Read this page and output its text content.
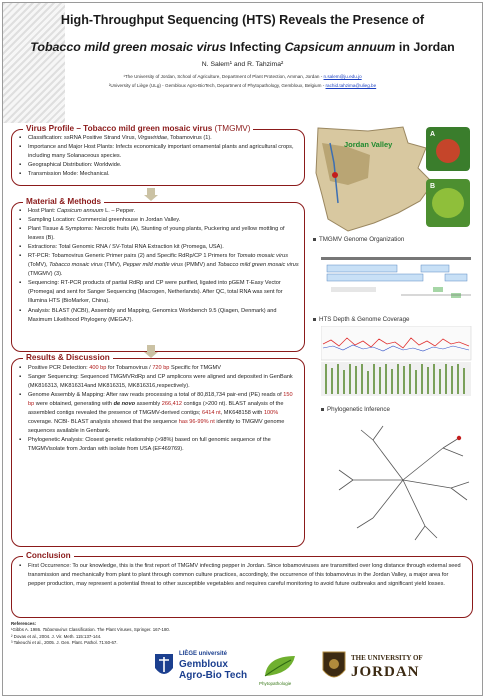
High-Throughput Sequencing (HTS) Reveals the Presence of
Tobacco mild green mosaic virus Infecting Capsicum annuum in Jordan
N. Salem¹ and R. Tahzima²
¹The University of Jordan, School of Agriculture, Department of Plant Protection, Amman, Jordan - n.salem@ju.edu.jo
²University of Liège (ULg) - Gembloux Agro-BioTech, Department of Phytopathology, Gembloux, Belgium - rachid.tahzima@ulieg.be
▪ Classification: ssRNA Positive Strand Virus, Virgaviridae, Tobamovirus (1).
▪ Importance and Major Host Plants: Infects economically important ornamental plants and agricultural crops, including many Solanaceous species.
▪ Geographical Distribution: Worldwide.
▪ Transmission Mode: Mechanical.
Virus Profile – Tobacco mild green mosaic virus (TMGMV)
▪ Host Plant: Capsicum annuum L. – Pepper.
▪ Sampling Location: Commercial greenhouse in Jordan Valley.
▪ Plant Tissue & Symptoms: Necrotic fruits (A), Stunting of young plants, Puckering and yellow mottling of leaves (B).
▪ Extractions: Total Genomic RNA / SV-Total RNA Extraction kit (Promega, USA).
▪ RT-PCR: Tobamovirus Generic Primer pairs (2) and Specific RdRp/CP 1 Primers for Tomato mosaic virus (ToMV), Tobacco mosaic virus (TMV), Pepper mild mottle virus (PMMV) and Tobacco mild green mosaic virus (TMGMV) (3).
▪ Sequencing: RT-PCR products of partial RdRp and CP were purified, ligated into pGEM T-Easy Vector (Promega) and sent for Sanger Sequencing (Macrogen, Netherlands). After QC, total RNA was sent for Illumina HTS (BioMarker, China).
▪ Analysis: BLAST (NCBI), Assembly and Mapping, Genomics Workbench 9.5 (Qiagen, Denmark) and Maximum Likelihood Phylogeny (MEGA7).
Material & Methods
▪ Positive PCR Detection: 400 bp for Tobamovirus / 720 bp Specific for TMGMV
▪ Sanger Sequencing: Sequenced TMGMVRdRp and CP amplicons were aligned and deposited in GenBank (MK816313, MK816314and MK816315, MK816316,respectively).
▪ Genome Assembly & Mapping: After raw reads processing a total of 80,818,734 pair-end (PE) reads of 150 bp were obtained, generating with de novo assembly 266,412 contigs (>200 nt). BLAST analysis of the assembled contigs revealed the presence of TMGMV-derived contigs; 6414 nt, MK648158 with 100% coverage. NCBI- BLAST analysis showed that the sequence has 96-99% nt identity to TMGMV genome sequences available in Genbank.
▪ Phylogenetic Analysis: Closest genetic relationship (>98%) based on full genomic sequence of the TMGMVisolate from Jordan with isolate from USA (EF469769).
Results & Discussion
A
B
Jordan Valley
TMGMV Genome Organization
HTS Depth & Genome Coverage
Phylogenetic Inference
▪ First Occurrence: To our knowledge, this is the first report of TMGMV infecting pepper in Jordan. Since tobamoviruses are transmitted over long distance through external seed transmission and mechanically from plant to plant through common culture practices, accordingly, the occurrence of this tobamovirus in the Jordan Valley, a major area for pepper production, may represent a potential threat to other susceptible vegetables and requires careful monitoring to avoid future outbreaks and significant yield losses.
Conclusion
References:
¹Gibbs A. 1986. Tobamovirus Classification. The Plant Viruses, Springer. 167-180.
² Dovas et al., 2004. J. Vir. Meth. 115:137-144.
³ Takeuchi et al., 2005. J. Gen. Plant. Pathol. 71:60-67.
LIÈGE université
Gembloux
Agro-Bio Tech
Phytopathologie
THE UNIVERSITY OF
JORDAN
